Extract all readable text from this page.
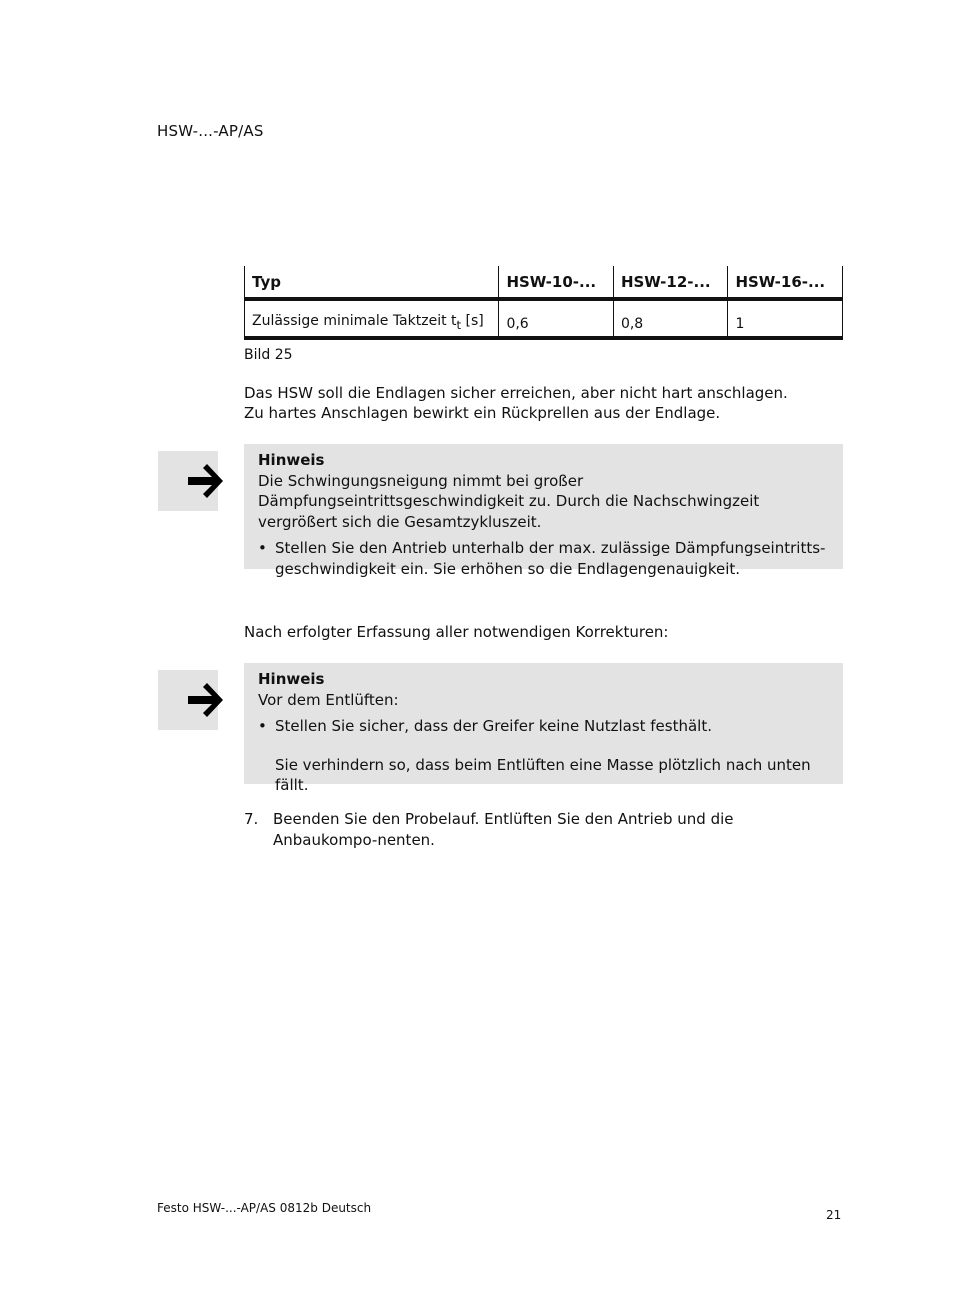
HSW-...-AP/AS
Typ	HSW-10-...	HSW-12-...	HSW-16-...
Zulässige minimale Taktzeit $t_t$ [s]	0,6	0,8	1
Bild 25
Das HSW soll die Endlagen sicher erreichen, aber nicht hart anschlagen.
Zu hartes Anschlagen bewirkt ein Rückprellen aus der Endlage.
Hinweis
Die Schwingungsneigung nimmt bei großer Dämpfungseintrittsgeschwindigkeit zu. Durch die Nachschwingzeit vergrößert sich die Gesamtzykluszeit.
• Stellen Sie den Antrieb unterhalb der max. zulässige Dämpfungseintritts-geschwindigkeit ein. Sie erhöhen so die Endlagengenauigkeit.
Nach erfolgter Erfassung aller notwendigen Korrekturen:
Hinweis
Vor dem Entlüften:
• Stellen Sie sicher, dass der Greifer keine Nutzlast festhält.
Sie verhindern so, dass beim Entlüften eine Masse plötzlich nach unten fällt.
7. Beenden Sie den Probelauf. Entlüften Sie den Antrieb und die Anbaukompo-nenten.
Festo HSW-...-AP/AS 0812b Deutsch	21
